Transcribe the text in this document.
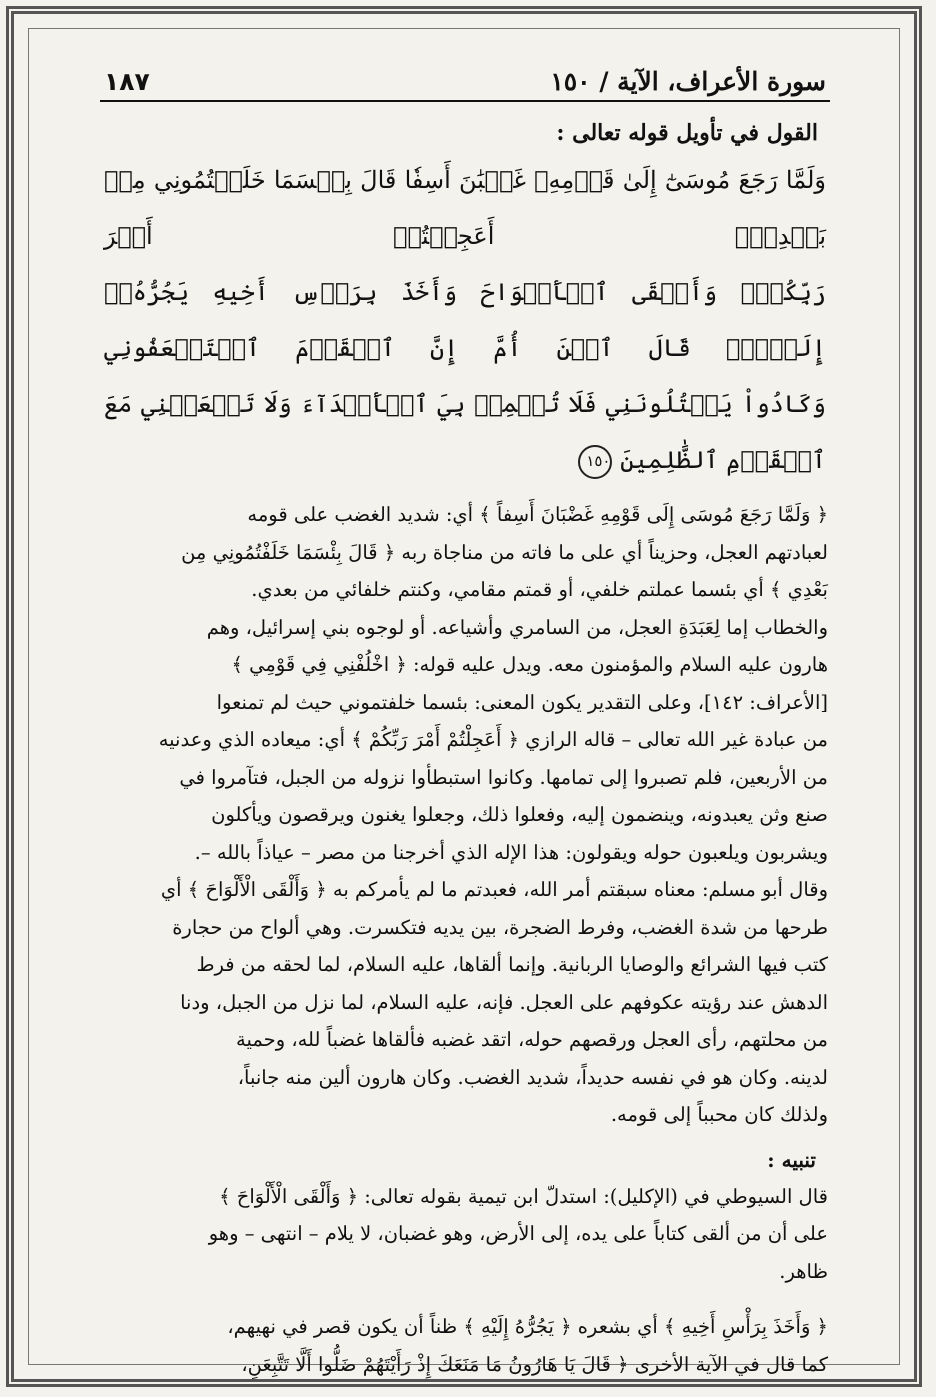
سورة الأعراف، الآية / ١٥٠
١٨٧
القول في تأويل قوله تعالى :
وَلَمَّا رَجَعَ مُوسَىٰٓ إِلَىٰ قَوۡمِهِۦ غَضۡبَٰنَ أَسِفٗا قَالَ بِئۡسَمَا خَلَفۡتُمُونِي مِنۢ بَعۡدِيٓۖ أَعَجِلۡتُمۡ أَمۡرَ
رَبِّكُمۡۖ وَأَلۡقَى ٱلۡأَلۡوَاحَ وَأَخَذَ بِرَأۡسِ أَخِيهِ يَجُرُّهُۥٓ إِلَيۡهِۚ قَالَ ٱبۡنَ أُمَّ إِنَّ ٱلۡقَوۡمَ ٱسۡتَضۡعَفُونِي
وَكَادُواْ يَقۡتُلُونَنِي فَلَا تُشۡمِتۡ بِيَ ٱلۡأَعۡدَآءَ وَلَا تَجۡعَلۡنِي مَعَ ٱلۡقَوۡمِ ٱلظَّٰلِمِينَ ١٥٠
﴿ وَلَمَّا رَجَعَ مُوسَى إِلَى قَوْمِهِ غَضْبَانَ أَسِفاً ﴾ أي: شديد الغضب على قومه
لعبادتهم العجل، وحزيناً أي على ما فاته من مناجاة ربه ﴿ قَالَ بِئْسَمَا خَلَفْتُمُونِي مِن
بَعْدِي ﴾ أي بئسما عملتم خلفي، أو قمتم مقامي، وكنتم خلفائي من بعدي.
والخطاب إما لِعَبَدَةِ العجل، من السامري وأشياعه. أو لوجوه بني إسرائيل، وهم
هارون عليه السلام والمؤمنون معه. ويدل عليه قوله: ﴿ اخْلُفْنِي فِي قَوْمِي ﴾
[الأعراف: ١٤٢]، وعلى التقدير يكون المعنى: بئسما خلفتموني حيث لم تمنعوا
من عبادة غير الله تعالى – قاله الرازي ﴿ أَعَجِلْتُمْ أَمْرَ رَبِّكُمْ ﴾ أي: ميعاده الذي وعدنيه
من الأربعين، فلم تصبروا إلى تمامها. وكانوا استبطأوا نزوله من الجبل، فتآمروا في
صنع وثن يعبدونه، وينضمون إليه، وفعلوا ذلك، وجعلوا يغنون ويرقصون ويأكلون
ويشربون ويلعبون حوله ويقولون: هذا الإله الذي أخرجنا من مصر – عياذاً بالله –.
وقال أبو مسلم: معناه سبقتم أمر الله، فعبدتم ما لم يأمركم به ﴿ وَأَلْقَى الْأَلْوَاحَ ﴾ أي
طرحها من شدة الغضب، وفرط الضجرة، بين يديه فتكسرت. وهي ألواح من حجارة
كتب فيها الشرائع والوصايا الربانية. وإنما ألقاها، عليه السلام، لما لحقه من فرط
الدهش عند رؤيته عكوفهم على العجل. فإنه، عليه السلام، لما نزل من الجبل، ودنا
من محلتهم، رأى العجل ورقصهم حوله، اتقد غضبه فألقاها غضباً لله، وحمية
لدينه. وكان هو في نفسه حديداً، شديد الغضب. وكان هارون ألين منه جانباً،
ولذلك كان محبباً إلى قومه.
تنبيه :
قال السيوطي في (الإكليل): استدلّ ابن تيمية بقوله تعالى: ﴿ وَأَلْقَى الْأَلْوَاحَ ﴾
على أن من ألقى كتاباً على يده، إلى الأرض، وهو غضبان، لا يلام – انتهى – وهو
ظاهر.
﴿ وَأَخَذَ بِرَأْسِ أَخِيهِ ﴾ أي بشعره ﴿ يَجُرُّهُ إِلَيْهِ ﴾ ظناً أن يكون قصر في نهيهم،
كما قال في الآية الأخرى ﴿ قَالَ يَا هَارُونُ مَا مَنَعَكَ إِذْ رَأَيْتَهُمْ ضَلُّوا أَلَّا تَتَّبِعَنِ،
